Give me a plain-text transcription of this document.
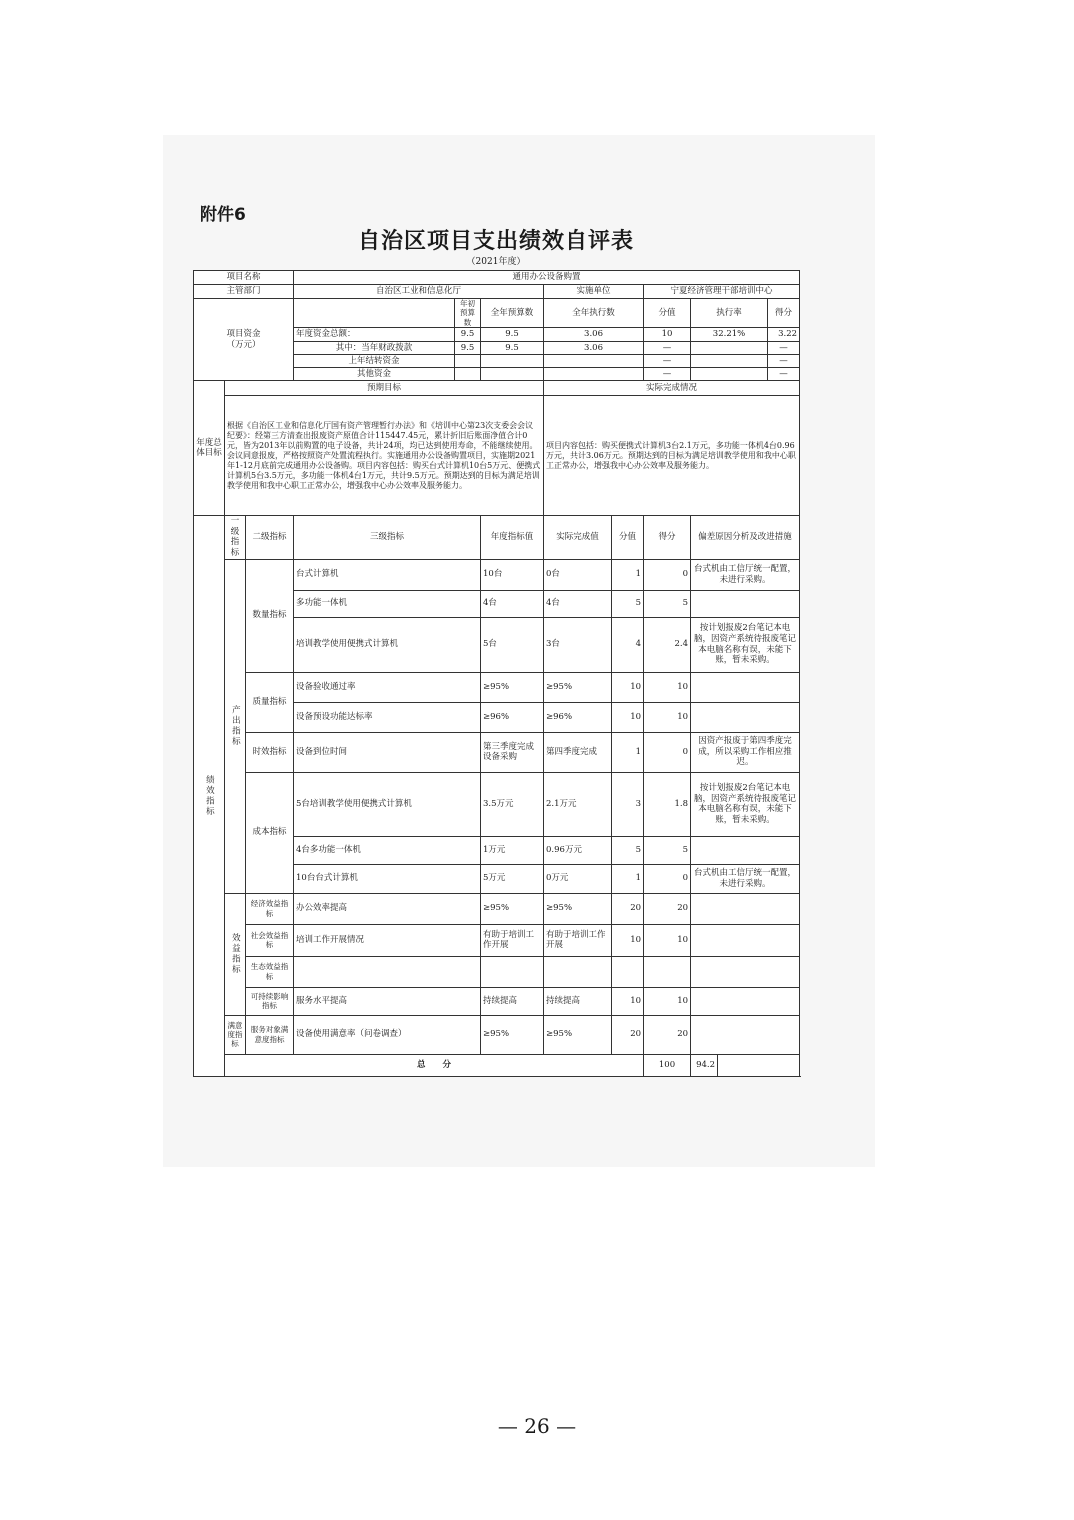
附件6
自治区项目支出绩效自评表
（2021年度）
项目名称			通用办公设备购置								
主管部门			自治区工业和信息化厅			实施单位		宁夏经济管理干部培训中心			
项目资金
（万元）				年初预算数	全年预算数	全年执行数		分值	执行率		得分
			年度资金总额：	9.5	9.5	3.06		10	32.21%		3.22
			其中：当年财政拨款	9.5	9.5	3.06		—			—
			上年结转资金					—			—
			其他资金					—			—
年度总体目标	预期目标					实际完成情况					
	根据《自治区工业和信息化厅国有资产管理暂行办法》和《培训中心第23次支委会会议纪要》：经第三方清查出报废资产原值合计115447.45元，累计折旧后账面净值合计0元，皆为2013年以前购置的电子设备，共计24项，均已达到使用寿命，不能继续使用。会议同意报废，严格按照资产处置流程执行。实施通用办公设备购置项目，实施期2021年1-12月底前完成通用办公设备购。项目内容包括：购买台式计算机10台5万元、便携式计算机5台3.5万元，多功能一体机4台1万元，共计9.5万元。预期达到的目标为满足培训教学使用和我中心职工正常办公，增强我中心办公效率及服务能力。					项目内容包括：购买便携式计算机3台2.1万元，多功能一体机4台0.96万元，共计3.06万元。预期达到的目标为满足培训教学使用和我中心职工正常办公，增强我中心办公效率及服务能力。					
绩效指标	一级指标	二级指标	三级指标		年度指标值	实际完成值	分值	得分	偏差原因分析及改进措施		
	产出指标	数量指标	台式计算机		10台	0台	1	0	台式机由工信厅统一配置，未进行采购。		
			多功能一体机		4台	4台	5	5			
			培训教学使用便携式计算机		5台	3台	4	2.4	按计划报废2台笔记本电脑，因资产系统待报废笔记本电脑名称有误，未能下账，暂未采购。		
		质量指标	设备验收通过率		≥95%	≥95%	10	10			
			设备预设功能达标率		≥96%	≥96%	10	10			
		时效指标	设备到位时间		第三季度完成设备采购	第四季度完成	1	0	因资产报废于第四季度完成，所以采购工作相应推迟。		
		成本指标	5台培训教学使用便携式计算机		3.5万元	2.1万元	3	1.8	按计划报废2台笔记本电脑，因资产系统待报废笔记本电脑名称有误，未能下账，暂未采购。		
			4台多功能一体机		1万元	0.96万元	5	5			
			10台台式计算机		5万元	0万元	1	0	台式机由工信厅统一配置，未进行采购。		
	效益指标	经济效益指标	办公效率提高		≥95%	≥95%	20	20			
		社会效益指标	培训工作开展情况		有助于培训工作开展	有助于培训工作开展	10	10			
		生态效益指标									
		可持续影响指标	服务水平提高		持续提高	持续提高	10	10			
	满意度指标	服务对象满意度指标	设备使用满意率（问卷调查）		≥95%	≥95%	20	20			
	总　　分							100	94.2		
— 26 —
